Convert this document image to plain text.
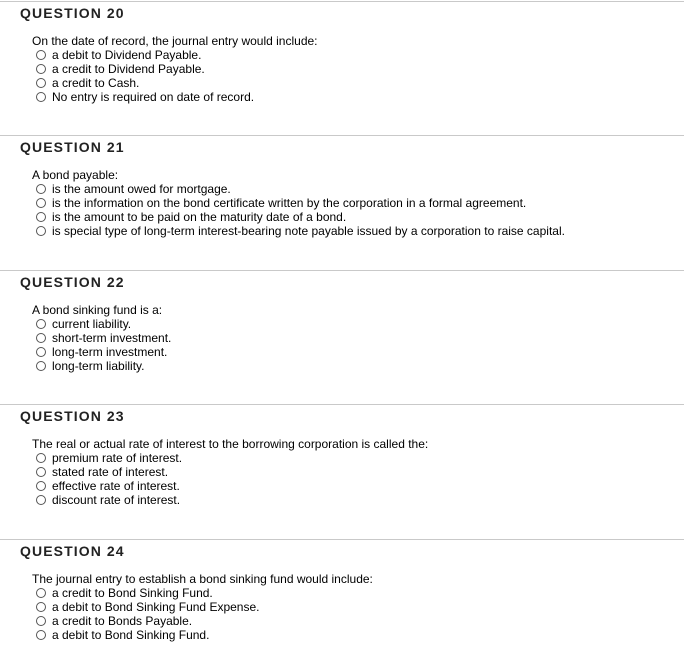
QUESTION 20
On the date of record, the journal entry would include:
a debit to Dividend Payable.
a credit to Dividend Payable.
a credit to Cash.
No entry is required on date of record.
QUESTION 21
A bond payable:
is the amount owed for mortgage.
is the information on the bond certificate written by the corporation in a formal agreement.
is the amount to be paid on the maturity date of a bond.
is special type of long-term interest-bearing note payable issued by a corporation to raise capital.
QUESTION 22
A bond sinking fund is a:
current liability.
short-term investment.
long-term investment.
long-term liability.
QUESTION 23
The real or actual rate of interest to the borrowing corporation is called the:
premium rate of interest.
stated rate of interest.
effective rate of interest.
discount rate of interest.
QUESTION 24
The journal entry to establish a bond sinking fund would include:
a credit to Bond Sinking Fund.
a debit to Bond Sinking Fund Expense.
a credit to Bonds Payable.
a debit to Bond Sinking Fund.
